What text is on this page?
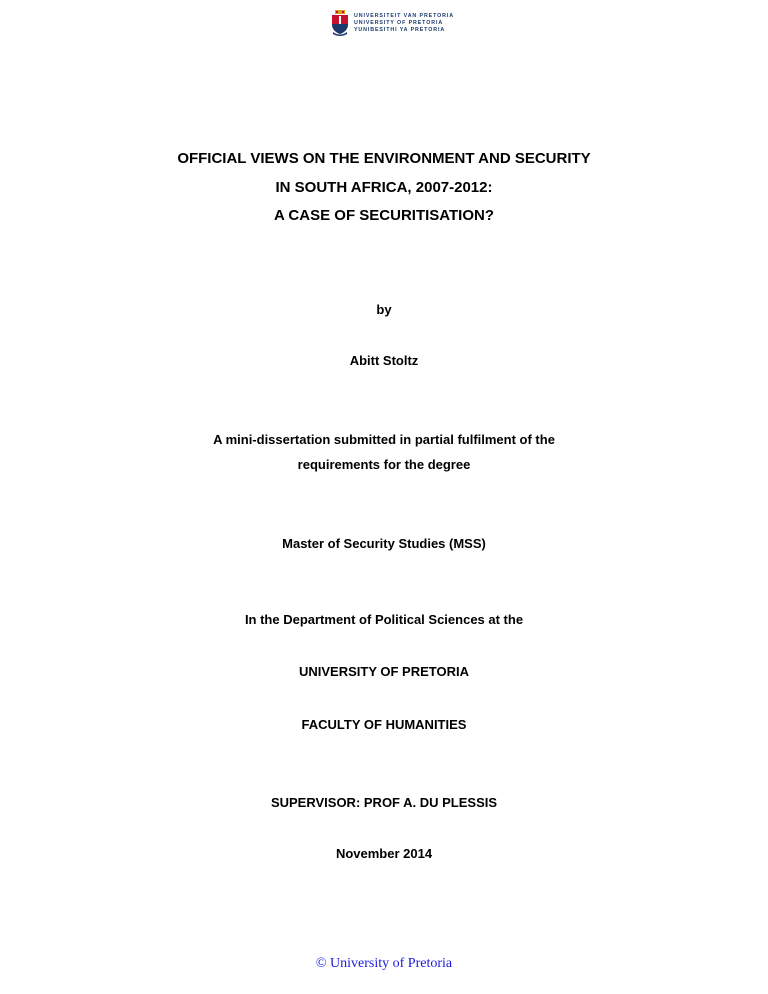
UNIVERSITEIT VAN PRETORIA
UNIVERSITY OF PRETORIA
YUNIBESITHI YA PRETORIA
OFFICIAL VIEWS ON THE ENVIRONMENT AND SECURITY
IN SOUTH AFRICA, 2007-2012:
A CASE OF SECURITISATION?
by
Abitt Stoltz
A mini-dissertation submitted in partial fulfilment of the
requirements for the degree
Master of Security Studies (MSS)
In the Department of Political Sciences at the
UNIVERSITY OF PRETORIA
FACULTY OF HUMANITIES
SUPERVISOR: PROF A. DU PLESSIS
November 2014
© University of Pretoria
